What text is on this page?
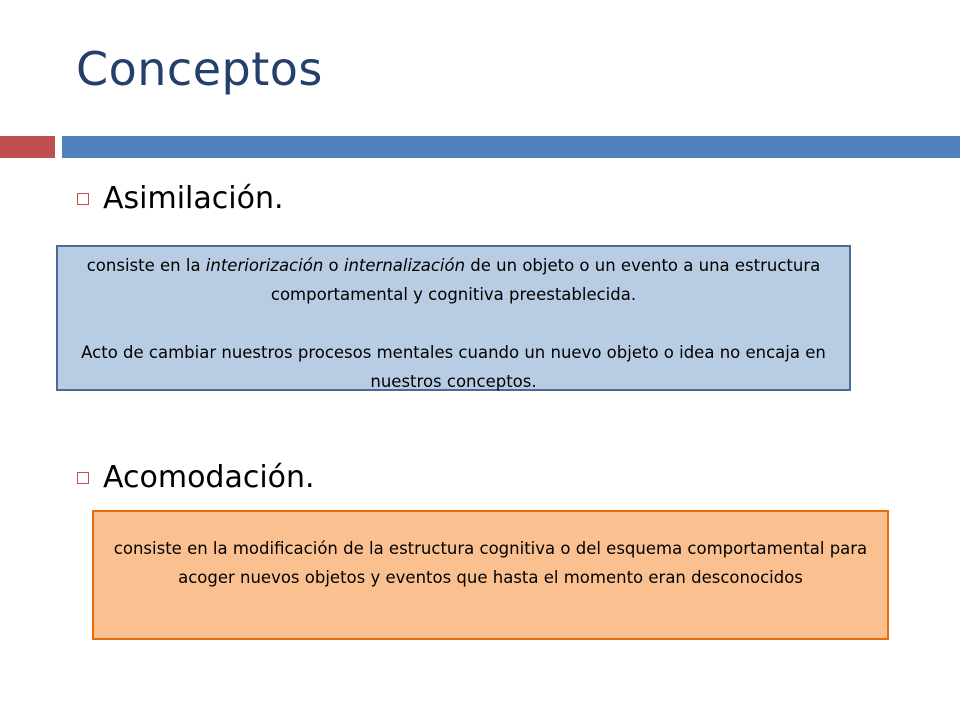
Conceptos
Asimilación.

consiste en la interiorización o internalización de un objeto o un evento a una estructura comportamental y cognitiva preestablecida.

Acto de cambiar nuestros procesos mentales cuando un nuevo objeto o idea no encaja en nuestros conceptos.

Acomodación.

consiste en la modificación de la estructura cognitiva o del esquema comportamental para acoger nuevos objetos y eventos que hasta el momento eran desconocidos
